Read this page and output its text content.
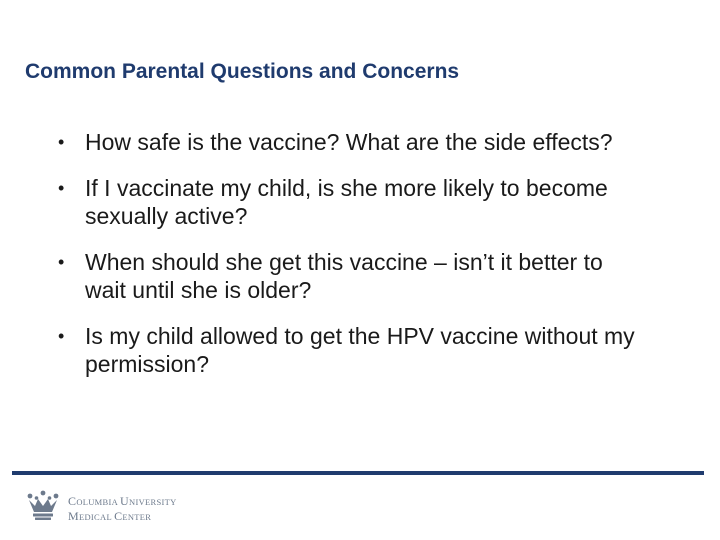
Common Parental Questions and Concerns
• How safe is the vaccine? What are the side effects?
• If I vaccinate my child, is she more likely to become sexually active?
• When should she get this vaccine – isn’t it better to wait until she is older?
• Is my child allowed to get the HPV vaccine without my permission?
COLUMBIA UNIVERSITY
MEDICAL CENTER
